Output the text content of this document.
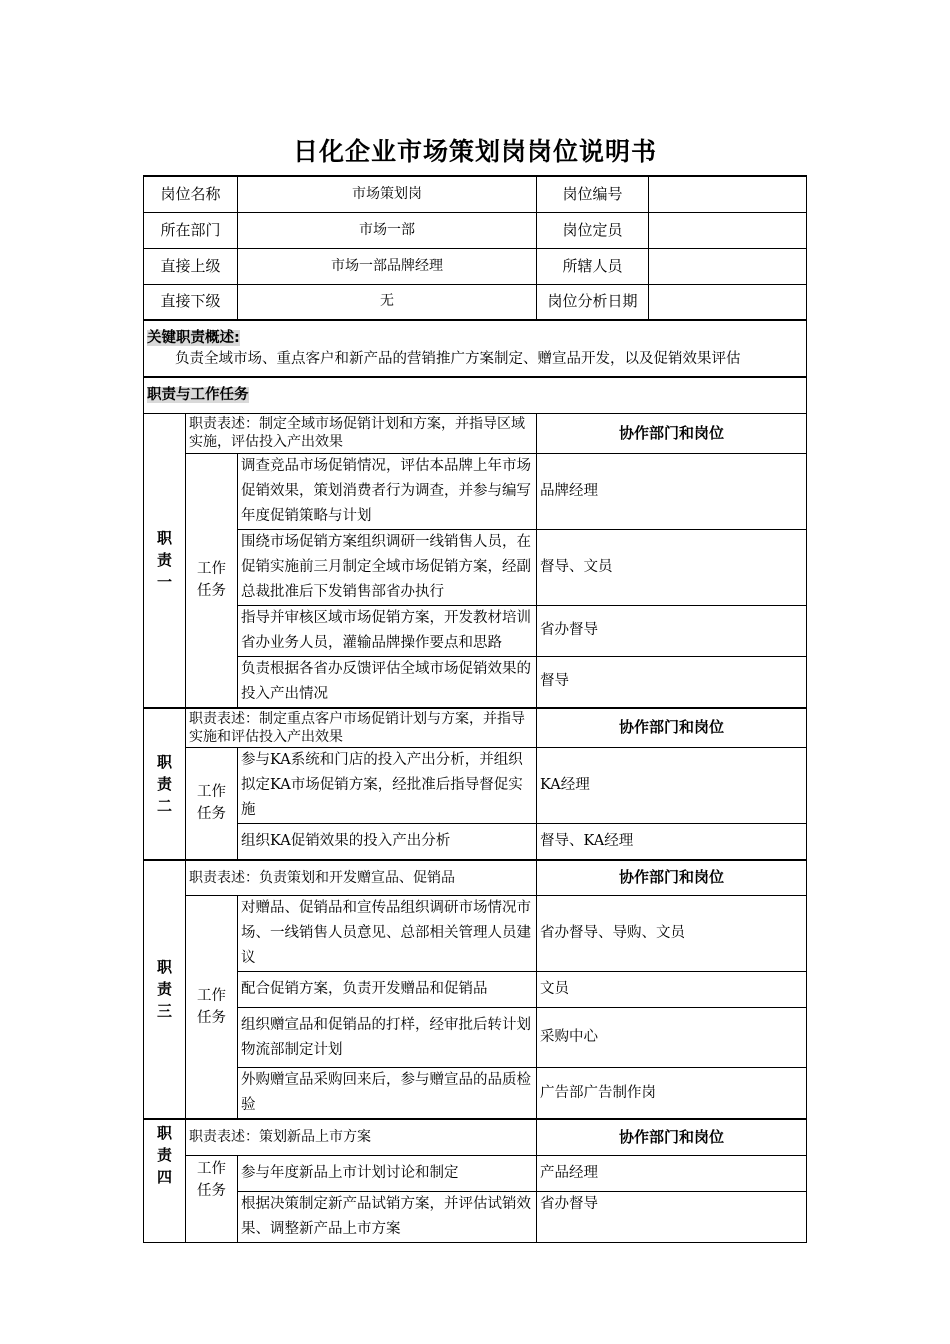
日化企业市场策划岗岗位说明书
岗位名称		市场策划岗	岗位编号	
所在部门		市场一部	岗位定员	
直接上级		市场一部品牌经理	所辖人员	
直接下级		无	岗位分析日期	
关键职责概述:
负责全域市场、重点客户和新产品的营销推广方案制定、赠宣品开发，以及促销效果评估				
职责与工作任务				

职
责
一	职责表述：制定全域市场促销计划和方案，并指导区域实施，评估投入产出效果		协作部门和岗位	

	工作
任务	调查竞品市场促销情况，评估本品牌上年市场促销效果，策划消费者行为调查，并参与编写年度促销策略与计划	品牌经理	
		围绕市场促销方案组织调研一线销售人员，在促销实施前三月制定全域市场促销方案，经副总裁批准后下发销售部省办执行	督导、文员	
		指导并审核区域市场促销方案，开发教材培训省办业务人员，灌输品牌操作要点和思路	省办督导	
		负责根据各省办反馈评估全域市场促销效果的投入产出情况	督导	

职
责
二	职责表述：制定重点客户市场促销计划与方案，并指导实施和评估投入产出效果		协作部门和岗位	

	工作
任务	参与KA系统和门店的投入产出分析，并组织拟定KA市场促销方案，经批准后指导督促实施	KA经理	
		组织KA促销效果的投入产出分析	督导、KA经理	

职
责
三	职责表述：负责策划和开发赠宣品、促销品		协作部门和岗位	

	工作
任务	对赠品、促销品和宣传品组织调研市场情况市场、一线销售人员意见、总部相关管理人员建议	省办督导、导购、文员	
		配合促销方案，负责开发赠品和促销品	文员	
		组织赠宣品和促销品的打样，经审批后转计划物流部制定计划	采购中心	
		外购赠宣品采购回来后，参与赠宣品的品质检验	广告部广告制作岗	

职
责
四	职责表述：策划新品上市方案		协作部门和岗位	

	工作
任务	参与年度新品上市计划讨论和制定	产品经理	
		根据决策制定新产品试销方案，并评估试销效果、调整新产品上市方案	省办督导	
